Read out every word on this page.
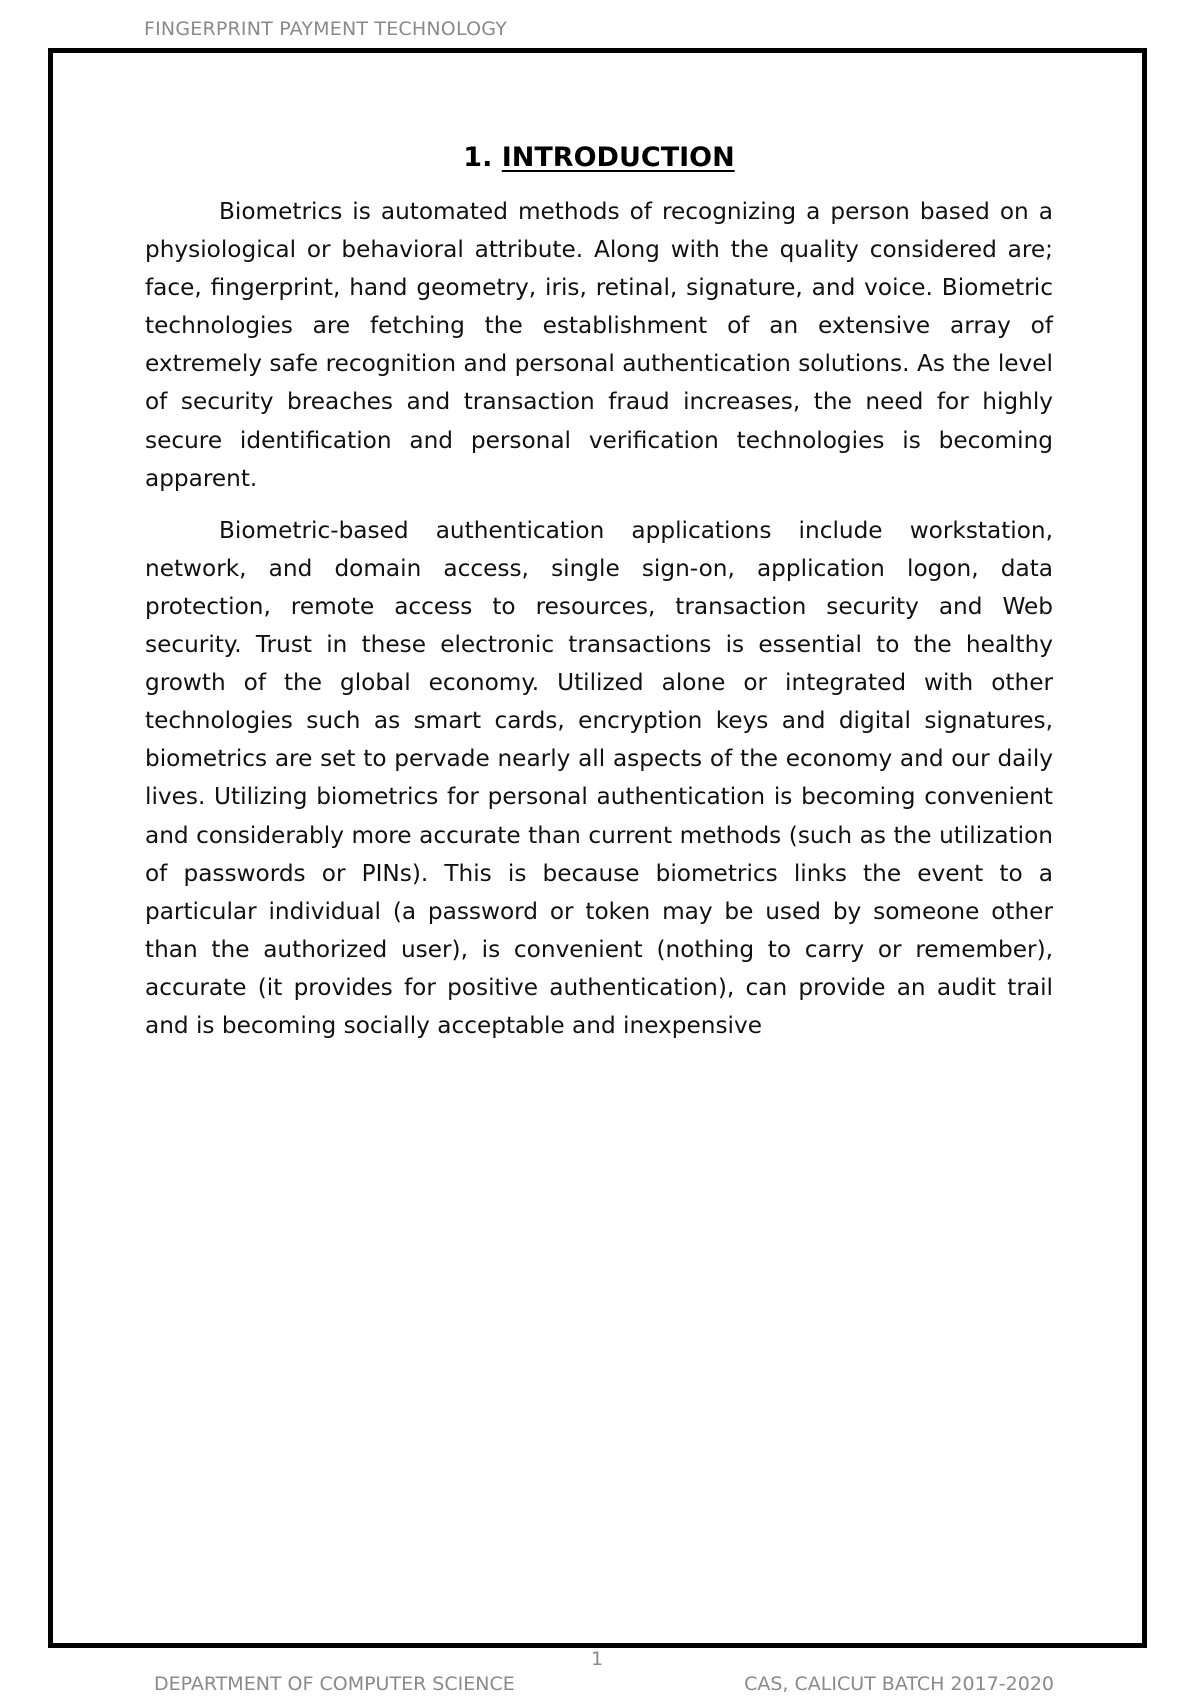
FINGERPRINT PAYMENT TECHNOLOGY
1. INTRODUCTION

Biometrics is automated methods of recognizing a person based on a physiological or behavioral attribute. Along with the quality considered are; face, fingerprint, hand geometry, iris, retinal, signature, and voice. Biometric technologies are fetching the establishment of an extensive array of extremely safe recognition and personal authentication solutions. As the level of security breaches and transaction fraud increases, the need for highly secure identification and personal verification technologies is becoming apparent.

Biometric-based authentication applications include workstation, network, and domain access, single sign-on, application logon, data protection, remote access to resources, transaction security and Web security. Trust in these electronic transactions is essential to the healthy growth of the global economy. Utilized alone or integrated with other technologies such as smart cards, encryption keys and digital signatures, biometrics are set to pervade nearly all aspects of the economy and our daily lives. Utilizing biometrics for personal authentication is becoming convenient and considerably more accurate than current methods (such as the utilization of passwords or PINs). This is because biometrics links the event to a particular individual (a password or token may be used by someone other than the authorized user), is convenient (nothing to carry or remember), accurate (it provides for positive authentication), can provide an audit trail and is becoming socially acceptable and inexpensive

1
DEPARTMENT OF COMPUTER SCIENCE	CAS, CALICUT BATCH 2017-2020
